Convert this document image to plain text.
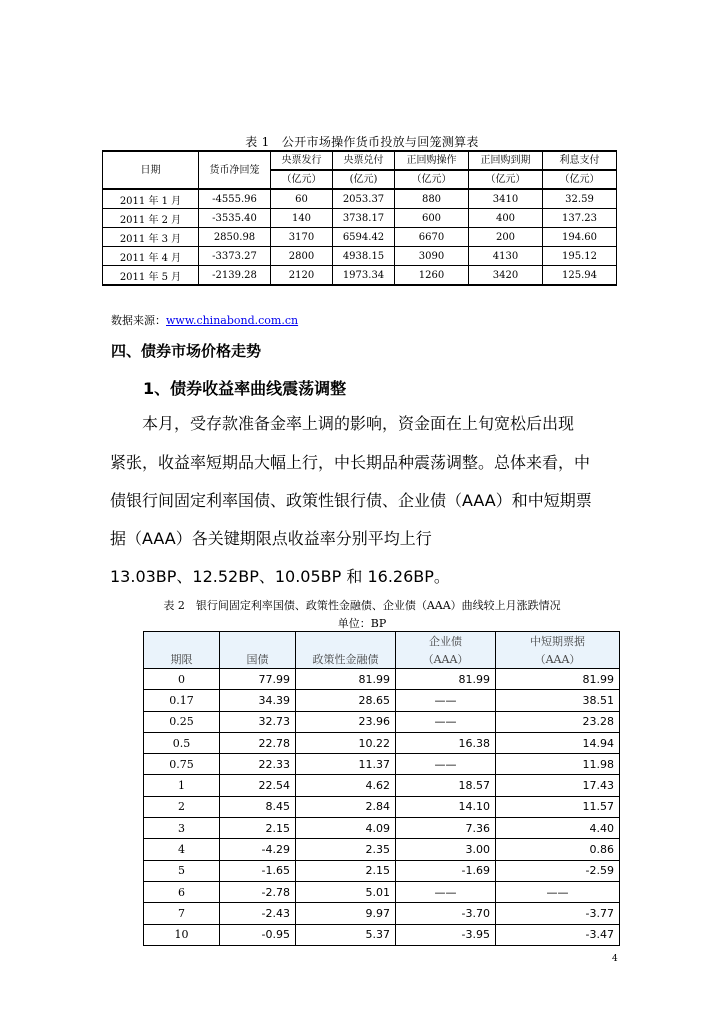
表 1　公开市场操作货币投放与回笼测算表
日期	货币净回笼	央票发行	央票兑付	正回购操作	正回购到期	利息支付
		（亿元）	(亿元)	（亿元）	（亿元）	（亿元）
2011 年 1 月	-4555.96	60	2053.37	880	3410	32.59
2011 年 2 月	-3535.40	140	3738.17	600	400	137.23
2011 年 3 月	2850.98	3170	6594.42	6670	200	194.60
2011 年 4 月	-3373.27	2800	4938.15	3090	4130	195.12
2011 年 5 月	-2139.28	2120	1973.34	1260	3420	125.94
数据来源：www.chinabond.com.cn
四、债券市场价格走势
1、债券收益率曲线震荡调整
本月，受存款准备金率上调的影响，资金面在上旬宽松后出现
紧张，收益率短期品大幅上行，中长期品种震荡调整。总体来看，中
债银行间固定利率国债、政策性银行债、企业债（AAA）和中短期票
据（AAA）各关键期限点收益率分别平均上行
13.03BP、12.52BP、10.05BP 和 16.26BP。
表 2　银行间固定利率国债、政策性金融债、企业债（AAA）曲线较上月涨跌情况
单位：BP
			企业债	中短期票据
期限	国债	政策性金融债	（AAA）	（AAA）
0	77.99	81.99	81.99	81.99
0.17	34.39	28.65	——	38.51
0.25	32.73	23.96	——	23.28
0.5	22.78	10.22	16.38	14.94
0.75	22.33	11.37	——	11.98
1	22.54	4.62	18.57	17.43
2	8.45	2.84	14.10	11.57
3	2.15	4.09	7.36	4.40
4	-4.29	2.35	3.00	0.86
5	-1.65	2.15	-1.69	-2.59
6	-2.78	5.01	——	——
7	-2.43	9.97	-3.70	-3.77
10	-0.95	5.37	-3.95	-3.47
4
